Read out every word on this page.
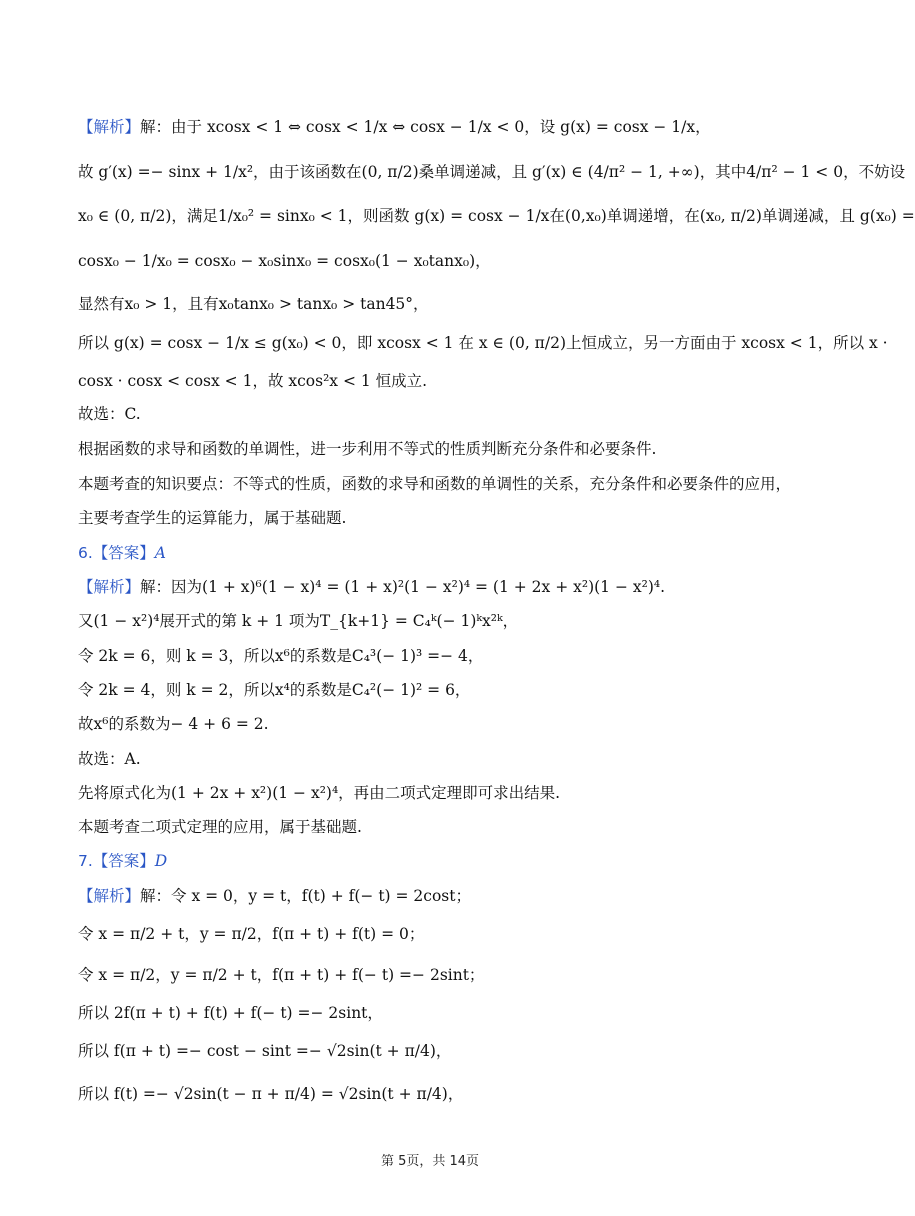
【解析】解：由于 xcosx < 1 ⇔ cosx < 1/x ⇔ cosx − 1/x < 0，设 g(x) = cosx − 1/x，
故 g′(x) =− sinx + 1/x²，由于该函数在(0, π/2)桑单调递减，且 g′(x) ∈ (4/π² − 1, +∞)，其中4/π² − 1 < 0，不妨设
x₀ ∈ (0, π/2)，满足1/x₀² = sinx₀ < 1，则函数 g(x) = cosx − 1/x在(0,x₀)单调递增，在(x₀, π/2)单调递减，且 g(x₀) =
cosx₀ − 1/x₀ = cosx₀ − x₀sinx₀ = cosx₀(1 − x₀tanx₀)，
显然有x₀ > 1，且有x₀tanx₀ > tanx₀ > tan45°，
所以 g(x) = cosx − 1/x ≤ g(x₀) < 0，即 xcosx < 1 在 x ∈ (0, π/2)上恒成立，另一方面由于 xcosx < 1，所以 x ·
cosx · cosx < cosx < 1，故 xcos²x < 1 恒成立.
故选：C.
根据函数的求导和函数的单调性，进一步利用不等式的性质判断充分条件和必要条件.
本题考查的知识要点：不等式的性质，函数的求导和函数的单调性的关系，充分条件和必要条件的应用，
主要考查学生的运算能力，属于基础题.
6.【答案】A
【解析】解：因为(1 + x)⁶(1 − x)⁴ = (1 + x)²(1 − x²)⁴ = (1 + 2x + x²)(1 − x²)⁴.
又(1 − x²)⁴展开式的第 k + 1 项为T_{k+1} = C₄ᵏ(− 1)ᵏx²ᵏ，
令 2k = 6，则 k = 3，所以x⁶的系数是C₄³(− 1)³ =− 4，
令 2k = 4，则 k = 2，所以x⁴的系数是C₄²(− 1)² = 6，
故x⁶的系数为− 4 + 6 = 2.
故选：A.
先将原式化为(1 + 2x + x²)(1 − x²)⁴，再由二项式定理即可求出结果.
本题考查二项式定理的应用，属于基础题.
7.【答案】D
【解析】解：令 x = 0，y = t，f(t) + f(− t) = 2cost；
令 x = π/2 + t，y = π/2，f(π + t) + f(t) = 0；
令 x = π/2，y = π/2 + t，f(π + t) + f(− t) =− 2sint；
所以 2f(π + t) + f(t) + f(− t) =− 2sint，
所以 f(π + t) =− cost − sint =− √2sin(t + π/4)，
所以 f(t) =− √2sin(t − π + π/4) = √2sin(t + π/4)，
第 5页，共 14页
